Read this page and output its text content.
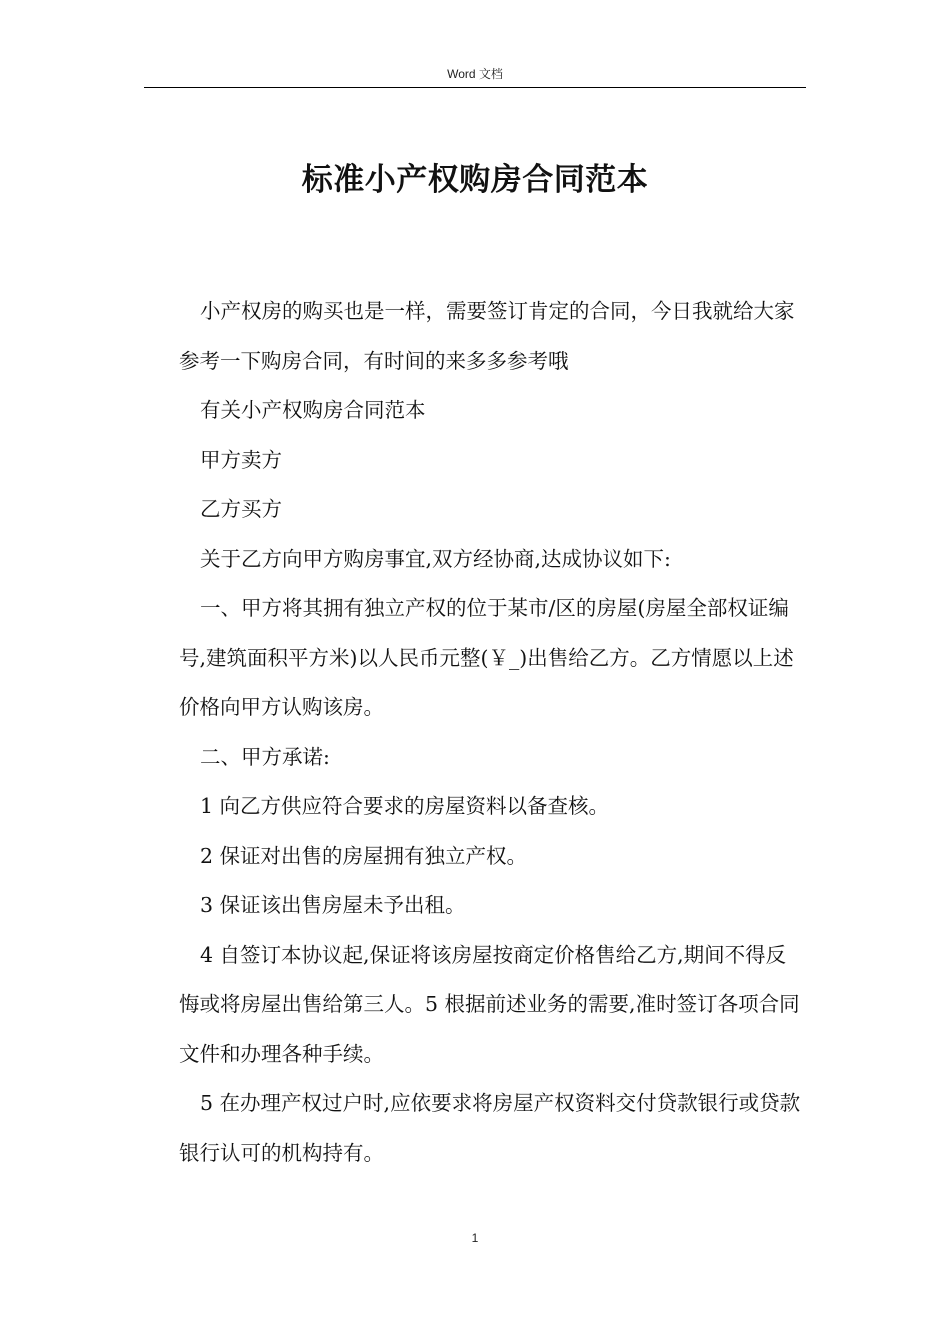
Word 文档
标准小产权购房合同范本

小产权房的购买也是一样，需要签订肯定的合同，今日我就给大家参考一下购房合同，有时间的来多多参考哦

有关小产权购房合同范本

甲方卖方

乙方买方

关于乙方向甲方购房事宜,双方经协商,达成协议如下:

一、甲方将其拥有独立产权的位于某市/区的房屋(房屋全部权证编号,建筑面积平方米)以人民币元整(￥_)出售给乙方。乙方情愿以上述价格向甲方认购该房。

二、甲方承诺:

1 向乙方供应符合要求的房屋资料以备查核。

2 保证对出售的房屋拥有独立产权。

3 保证该出售房屋未予出租。

4 自签订本协议起,保证将该房屋按商定价格售给乙方,期间不得反悔或将房屋出售给第三人。5 根据前述业务的需要,准时签订各项合同文件和办理各种手续。

5 在办理产权过户时,应依要求将房屋产权资料交付贷款银行或贷款银行认可的机构持有。

1
